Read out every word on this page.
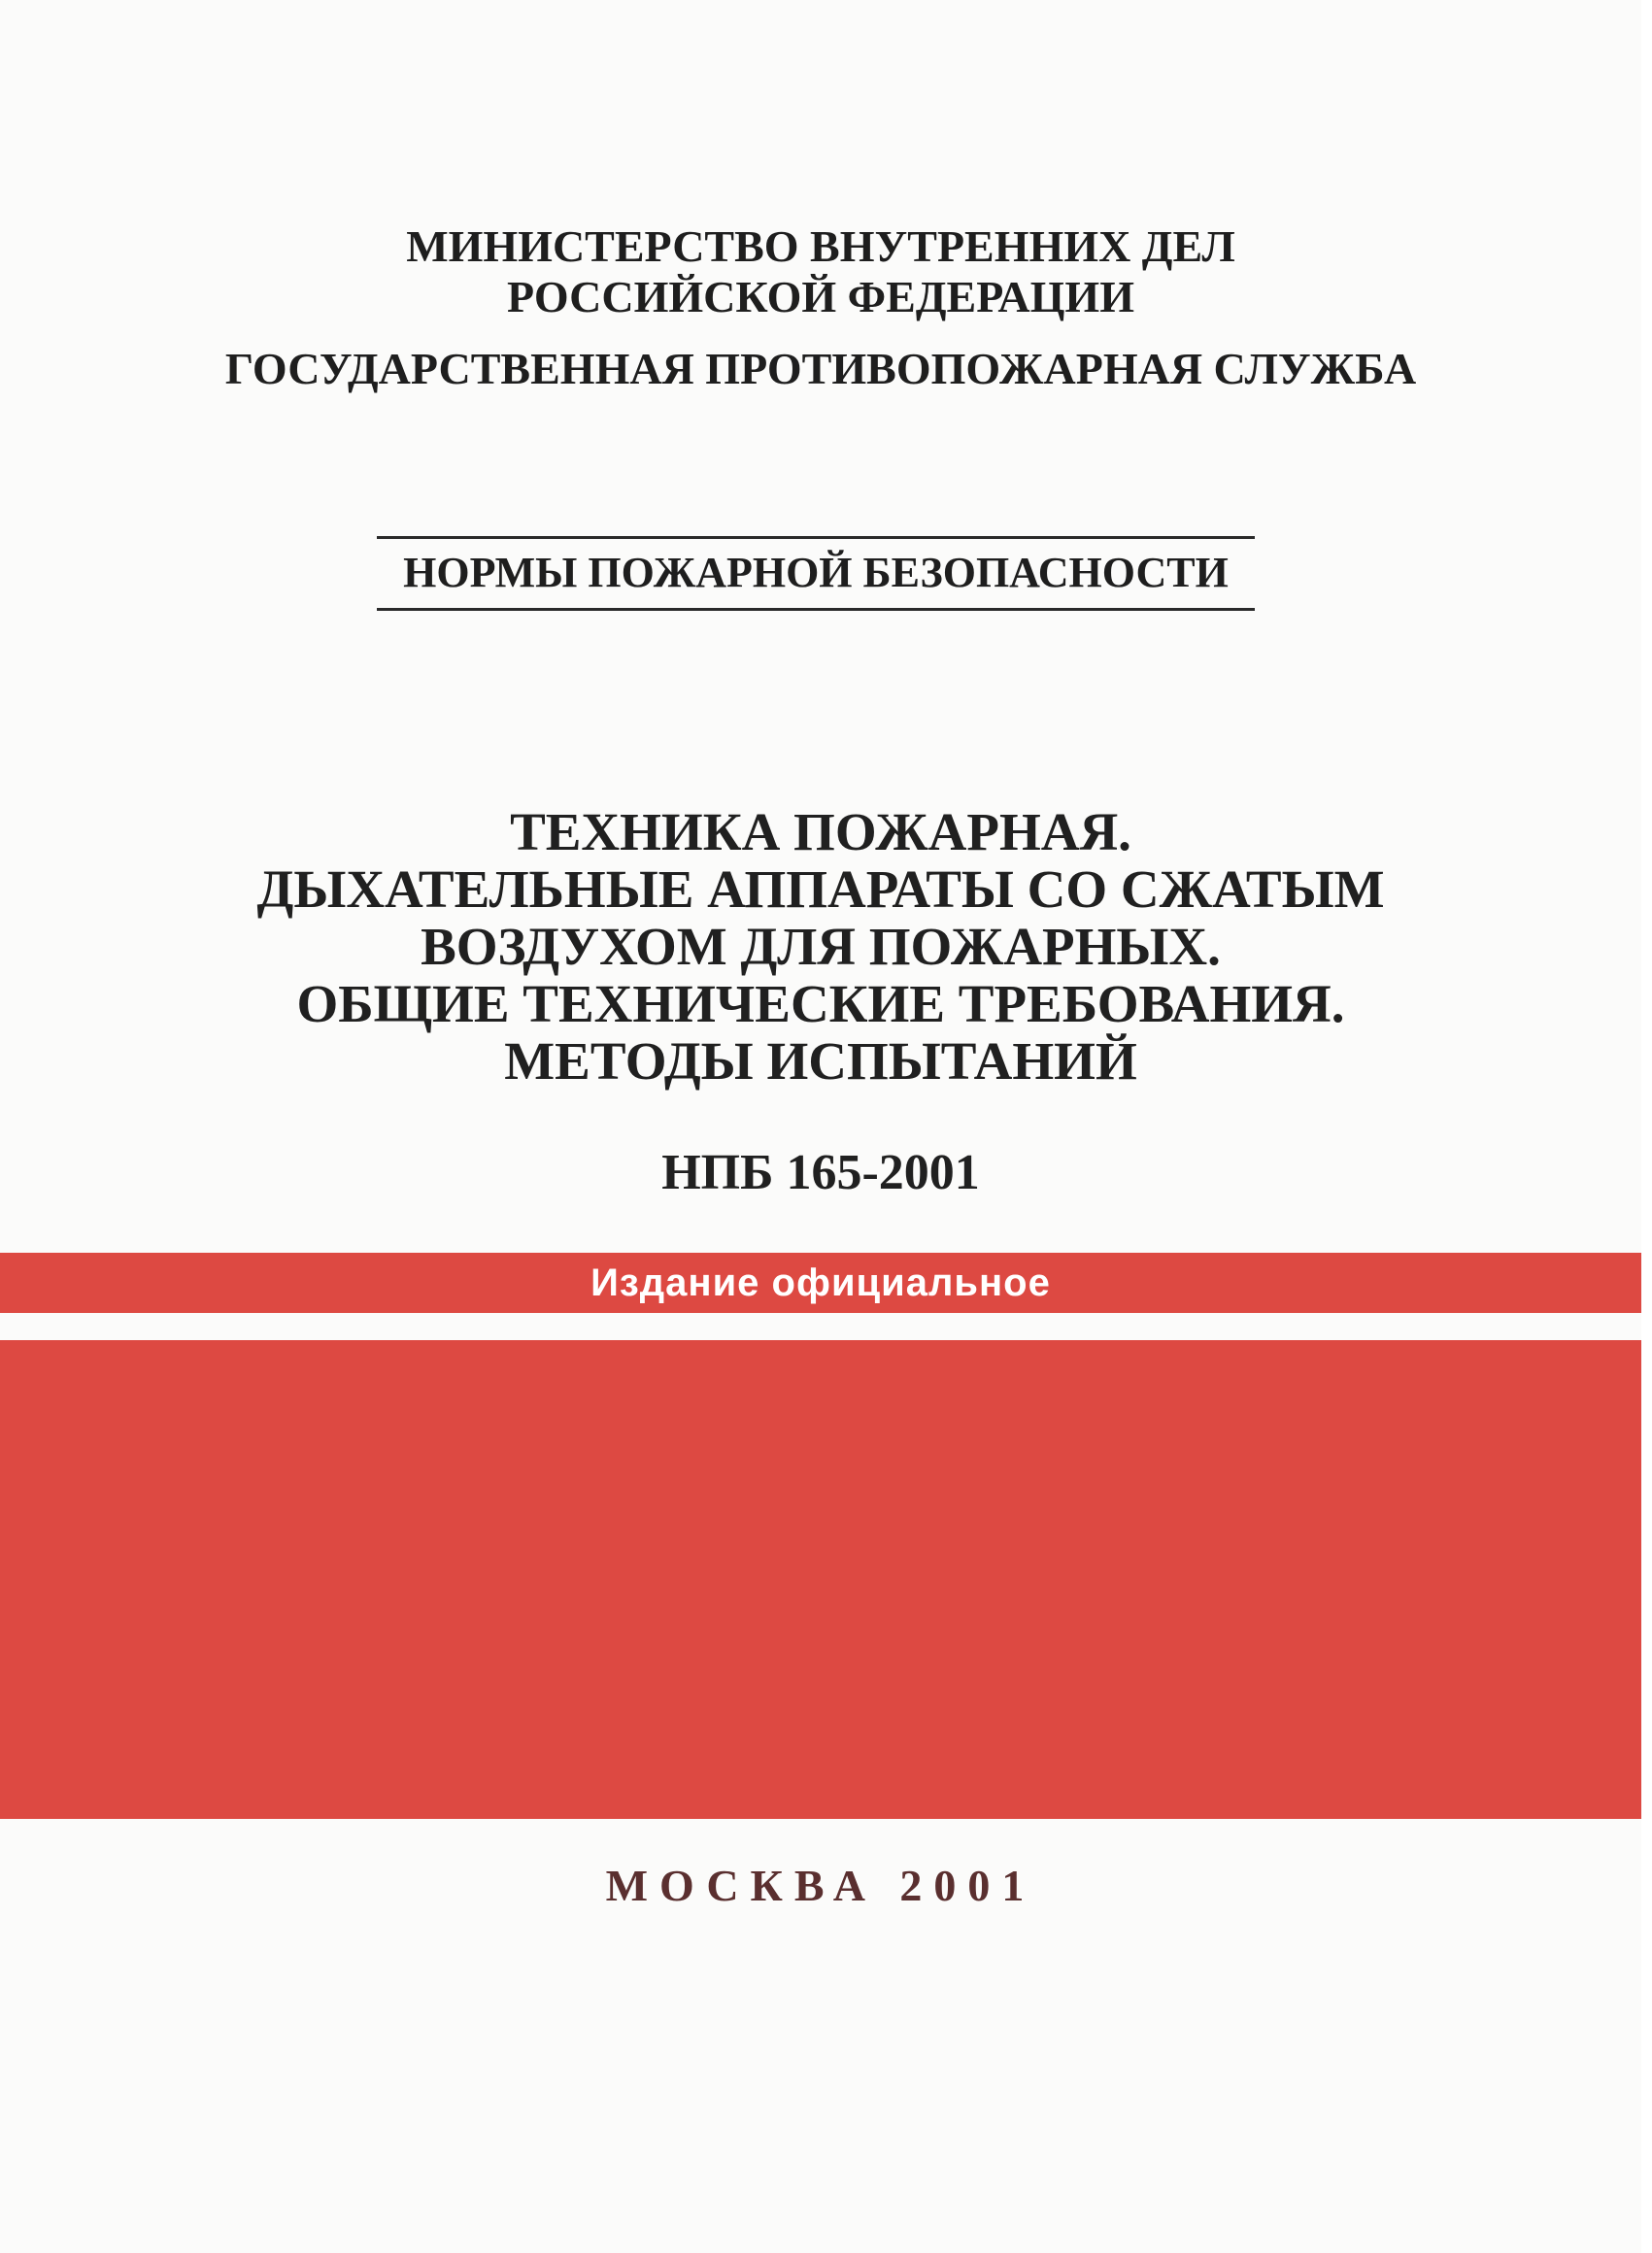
МИНИСТЕРСТВО ВНУТРЕННИХ ДЕЛ
РОССИЙСКОЙ ФЕДЕРАЦИИ
ГОСУДАРСТВЕННАЯ ПРОТИВОПОЖАРНАЯ СЛУЖБА
НОРМЫ ПОЖАРНОЙ БЕЗОПАСНОСТИ
ТЕХНИКА ПОЖАРНАЯ.
ДЫХАТЕЛЬНЫЕ АППАРАТЫ СО СЖАТЫМ
ВОЗДУХОМ ДЛЯ ПОЖАРНЫХ.
ОБЩИЕ ТЕХНИЧЕСКИЕ ТРЕБОВАНИЯ.
МЕТОДЫ ИСПЫТАНИЙ
НПБ 165-2001
Издание официальное
МОСКВА 2001
